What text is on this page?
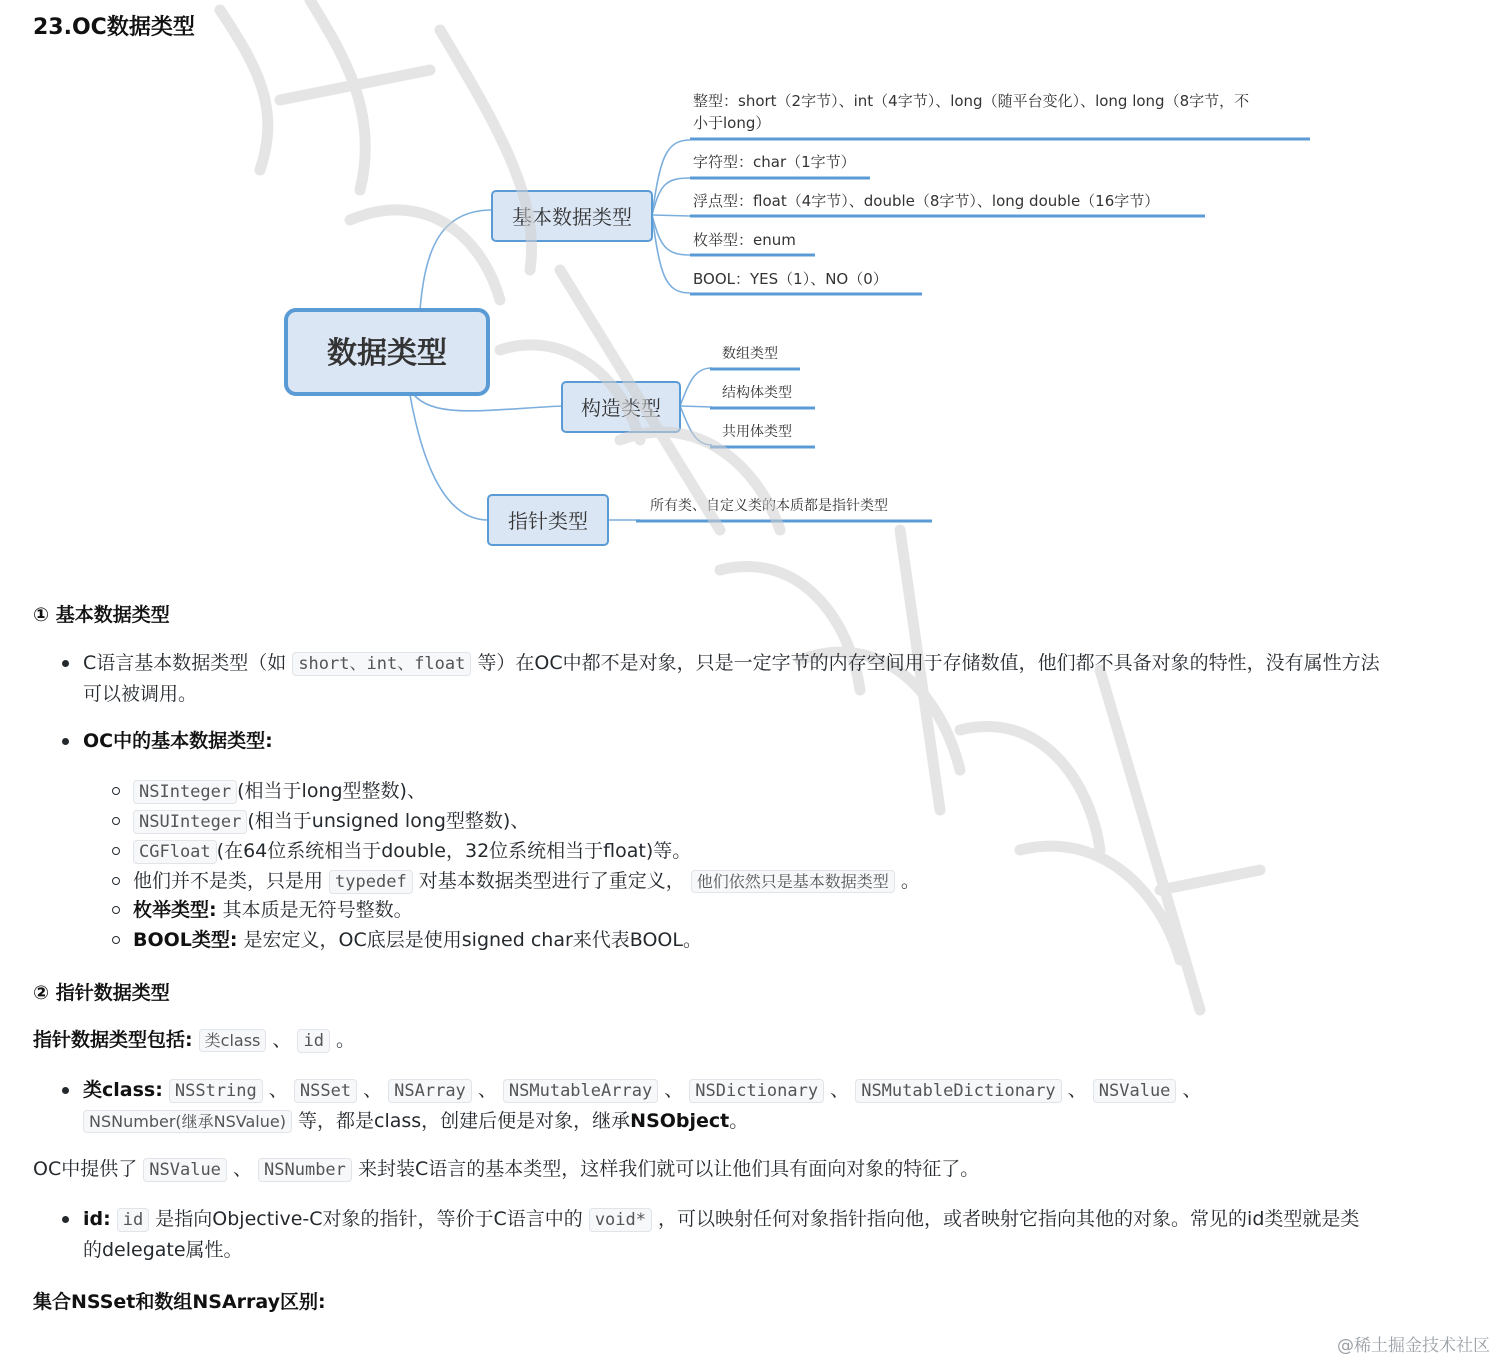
23.OC数据类型
数据类型
基本数据类型
构造类型
指针类型
整型：short（2字节）、int（4字节）、long（随平台变化）、long long（8字节，不
小于long）
字符型：char（1字节）
浮点型：float（4字节）、double（8字节）、long double（16字节）
枚举型：enum
BOOL：YES（1）、NO（0）
数组类型
结构体类型
共用体类型
所有类、自定义类的本质都是指针类型
① 基本数据类型
C语言基本数据类型（如 short、int、float 等）在OC中都不是对象，只是一定字节的内存空间用于存储数值，他们都不具备对象的特性，没有属性方法
可以被调用。
OC中的基本数据类型:
NSInteger (相当于long型整数)、
NSUInteger (相当于unsigned long型整数)、
CGFloat (在64位系统相当于double，32位系统相当于float)等。
他们并不是类，只是用 typedef 对基本数据类型进行了重定义， 他们依然只是基本数据类型 。
枚举类型: 其本质是无符号整数。
BOOL类型: 是宏定义，OC底层是使用signed char来代表BOOL。
② 指针数据类型
指针数据类型包括: 类class 、 id 。
类class: NSString 、 NSSet 、 NSArray 、 NSMutableArray 、 NSDictionary 、 NSMutableDictionary 、 NSValue 、
NSNumber(继承NSValue) 等，都是class，创建后便是对象，继承NSObject。
OC中提供了 NSValue 、 NSNumber 来封装C语言的基本类型，这样我们就可以让他们具有面向对象的特征了。
id: id 是指向Objective-C对象的指针，等价于C语言中的 void* ，可以映射任何对象指针指向他，或者映射它指向其他的对象。常见的id类型就是类
的delegate属性。
集合NSSet和数组NSArray区别:
@稀土掘金技术社区
